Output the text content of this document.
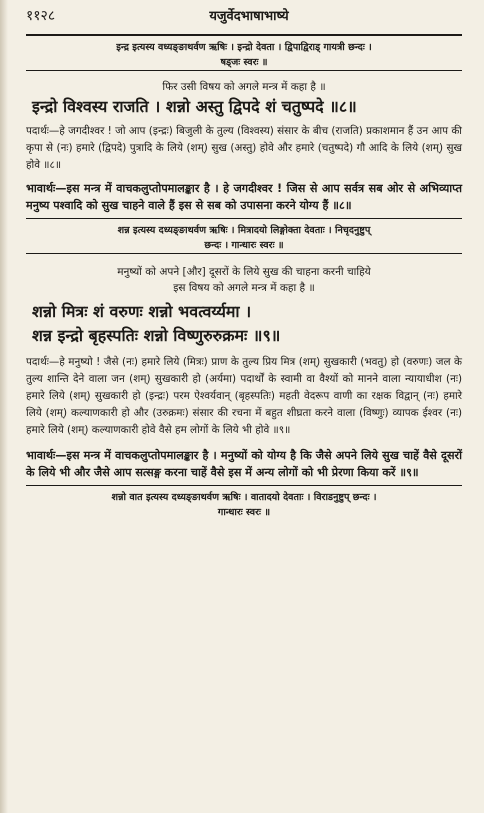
११२८	यजुर्वेदभाषाभाष्ये
इन्द्र इत्यस्य वध्यङ्ङाथर्वण ऋषिः । इन्द्रो देवता । द्विपाद्विराड् गायत्री छन्दः ।
षड्जः स्वरः ॥
फिर उसी विषय को अगले मन्त्र में कहा है ॥
इन्द्रो विश्वस्य राजति । शन्नो अस्तु द्विपदे शं चतुष्पदे ॥८॥
पदार्थः—हे जगदीश्वर ! जो आप (इन्द्रः) बिजुली के तुल्य (विश्वस्य) संसार के बीच (राजति) प्रकाशमान हैं उन आप की कृपा से (नः) हमारे (द्विपदे) पुत्रादि के लिये (शम्) सुख (अस्तु) होवे और हमारे (चतुष्पदे) गौ आदि के लिये (शम्) सुख होवे ॥८॥
भावार्थः—इस मन्त्र में वाचकलुप्तोपमालङ्कार है । हे जगदीश्वर ! जिस से आप सर्वत्र सब ओर से अभिव्याप्त मनुष्य पश्वादि को सुख चाहने वाले हैं इस से सब को उपासना करने योग्य हैं ॥८॥
शन्न इत्यस्य दध्यङ्ङाथर्वण ऋषिः । मित्रादयो लिङ्गोक्ता देवताः । निचृदनुष्टुप्
छन्दः । गान्धारः स्वरः ॥
मनुष्यों को अपने [और] दूसरों के लिये सुख की चाहना करनी चाहिये
इस विषय को अगले मन्त्र में कहा है ॥
शन्नो मित्रः शं वरुणः शन्नो भवत्वर्य्यमा ।
शन्न इन्द्रो बृहस्पतिः शन्नो विष्णुरुरुक्रमः ॥९॥
पदार्थः—हे मनुष्यो ! जैसे (नः) हमारे लिये (मित्रः) प्राण के तुल्य प्रिय मित्र (शम्) सुखकारी (भवतु) हो (वरुणः) जल के तुल्य शान्ति देने वाला जन (शम्) सुखकारी हो (अर्यमा) पदार्थों के स्वामी वा वैश्यों को मानने वाला न्यायाधीश (नः) हमारे लिये (शम्) सुखकारी हो (इन्द्रः) परम ऐश्वर्यवान् (बृहस्पतिः) महती वेदरूप वाणी का रक्षक विद्वान् (नः) हमारे लिये (शम्) कल्याणकारी हो और (उरुक्रमः) संसार की रचना में बहुत शीघ्रता करने वाला (विष्णुः) व्यापक ईश्वर (नः) हमारे लिये (शम्) कल्याणकारी होवे वैसे हम लोगों के लिये भी होवे ॥९॥
भावार्थः—इस मन्त्र में वाचकलुप्तोपमालङ्कार है । मनुष्यों को योग्य है कि जैसे अपने लिये सुख चाहें वैसे दूसरों के लिये भी और जैसे आप सत्सङ्ग करना चाहें वैसे इस में अन्य लोगों को भी प्रेरणा किया करें ॥९॥
शन्नो वात इत्यस्य दध्यङ्ङाथर्वण ऋषिः । वातादयो देवताः । विराडनुष्टुप् छन्दः ।
गान्धारः स्वरः ॥
